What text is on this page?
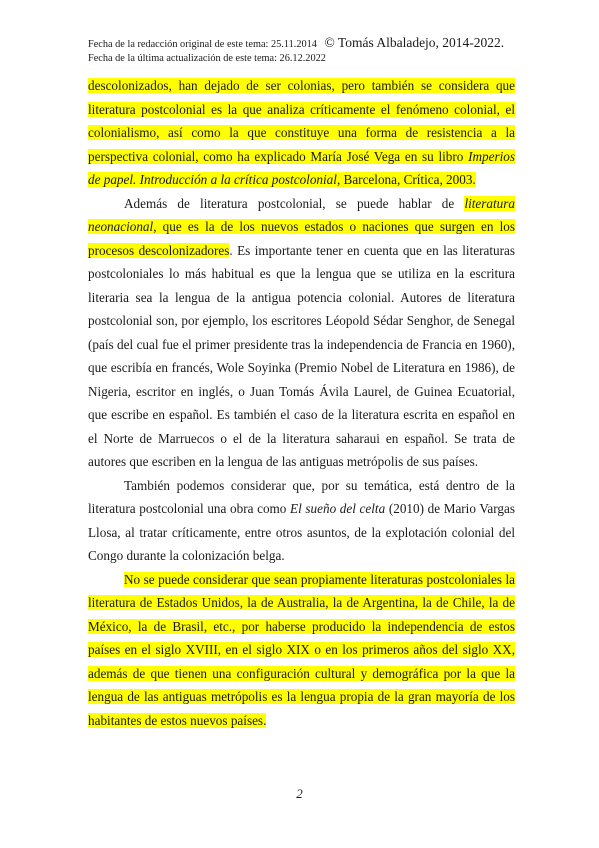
Fecha de la redacción original de este tema: 25.11.2014 © Tomás Albaladejo, 2014-2022.
Fecha de la última actualización de este tema: 26.12.2022

descolonizados, han dejado de ser colonias, pero también se considera que literatura postcolonial es la que analiza críticamente el fenómeno colonial, el colonialismo, así como la que constituye una forma de resistencia a la perspectiva colonial, como ha explicado María José Vega en su libro Imperios de papel. Introducción a la crítica postcolonial, Barcelona, Crítica, 2003.

Además de literatura postcolonial, se puede hablar de literatura neonacional, que es la de los nuevos estados o naciones que surgen en los procesos descolonizadores. Es importante tener en cuenta que en las literaturas postcoloniales lo más habitual es que la lengua que se utiliza en la escritura literaria sea la lengua de la antigua potencia colonial. Autores de literatura postcolonial son, por ejemplo, los escritores Léopold Sédar Senghor, de Senegal (país del cual fue el primer presidente tras la independencia de Francia en 1960), que escribía en francés, Wole Soyinka (Premio Nobel de Literatura en 1986), de Nigeria, escritor en inglés, o Juan Tomás Ávila Laurel, de Guinea Ecuatorial, que escribe en español. Es también el caso de la literatura escrita en español en el Norte de Marruecos o el de la literatura saharaui en español. Se trata de autores que escriben en la lengua de las antiguas metrópolis de sus países.

También podemos considerar que, por su temática, está dentro de la literatura postcolonial una obra como El sueño del celta (2010) de Mario Vargas Llosa, al tratar críticamente, entre otros asuntos, de la explotación colonial del Congo durante la colonización belga.

No se puede considerar que sean propiamente literaturas postcoloniales la literatura de Estados Unidos, la de Australia, la de Argentina, la de Chile, la de México, la de Brasil, etc., por haberse producido la independencia de estos países en el siglo XVIII, en el siglo XIX o en los primeros años del siglo XX, además de que tienen una configuración cultural y demográfica por la que la lengua de las antiguas metrópolis es la lengua propia de la gran mayoría de los habitantes de estos nuevos países.

2
